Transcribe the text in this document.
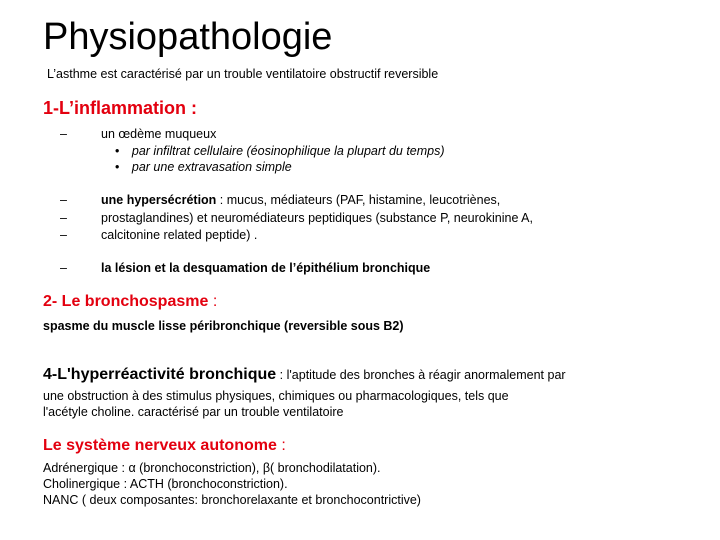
Physiopathologie
L’asthme est caractérisé par un trouble ventilatoire obstructif reversible
1-L’inflammation :
–	un œdème muqueux
• par infiltrat cellulaire (éosinophilique la plupart du temps)
• par une extravasation simple
–	une hypersécrétion : mucus, médiateurs (PAF, histamine, leucotriènes,
–	prostaglandines) et neuromédiateurs peptidiques (substance P, neurokinine A,
–	calcitonine related peptide) .
–	la lésion et la desquamation de l’épithélium bronchique
2- Le bronchospasme :
spasme du muscle lisse péribronchique (reversible sous B2)
4-L'hyperréactivité bronchique : l'aptitude des bronches à réagir anormalement par
une obstruction à des stimulus physiques, chimiques ou pharmacologiques, tels que
l'acétyle choline. caractérisé par un trouble ventilatoire
Le système nerveux autonome :
Adrénergique : α (bronchoconstriction), β( bronchodilatation).
Cholinergique : ACTH (bronchoconstriction).
NANC ( deux composantes: bronchorelaxante et bronchocontrictive)
